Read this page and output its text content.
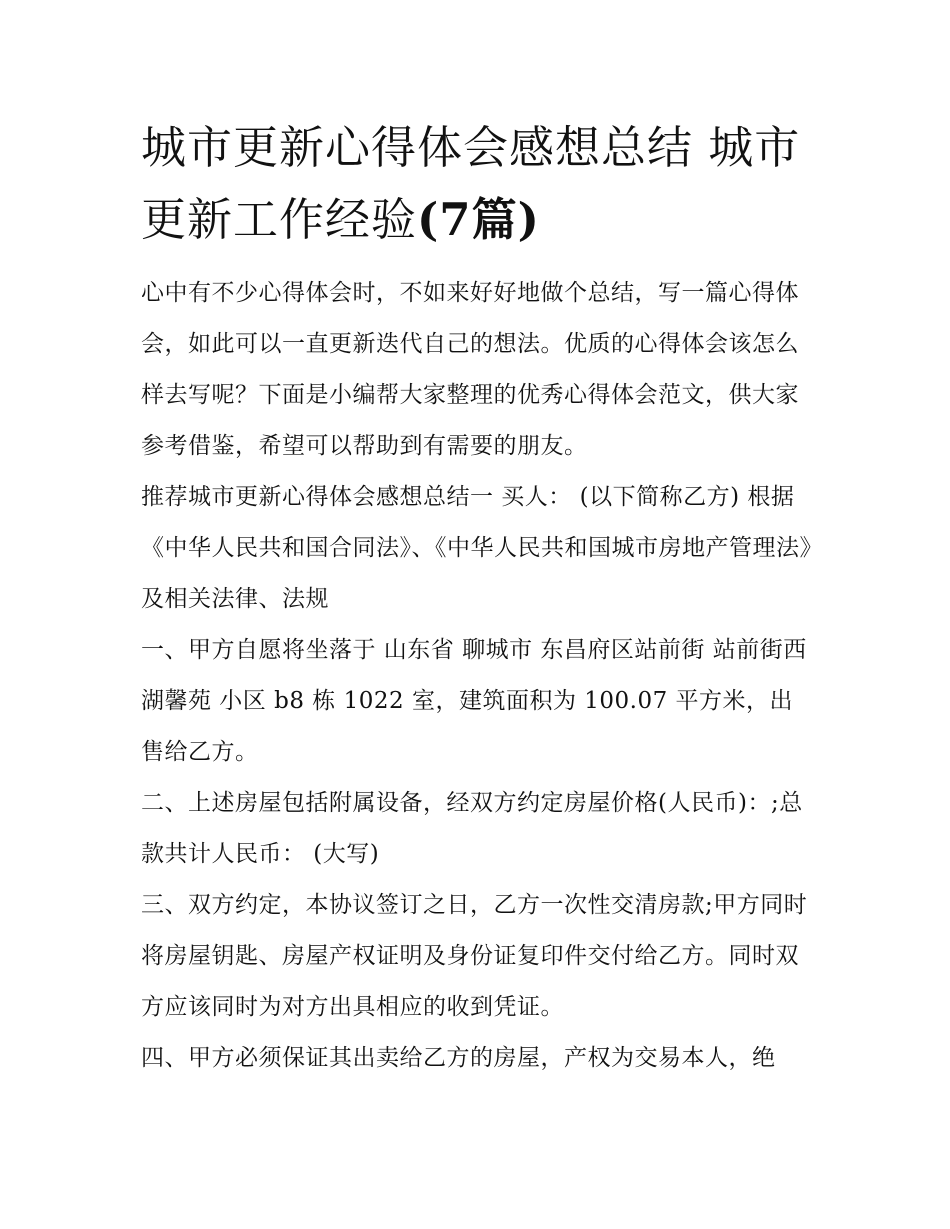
城市更新心得体会感想总结 城市更新工作经验(7篇)

心中有不少心得体会时，不如来好好地做个总结，写一篇心得体会，如此可以一直更新迭代自己的想法。优质的心得体会该怎么样去写呢？下面是小编帮大家整理的优秀心得体会范文，供大家参考借鉴，希望可以帮助到有需要的朋友。

推荐城市更新心得体会感想总结一 买人： (以下简称乙方) 根据《中华人民共和国合同法》、《中华人民共和国城市房地产管理法》及相关法律、法规

一、甲方自愿将坐落于 山东省 聊城市 东昌府区站前街 站前街西湖馨苑 小区 b8 栋 1022 室，建筑面积为 100.07 平方米，出售给乙方。

二、上述房屋包括附属设备，经双方约定房屋价格(人民币)：;总款共计人民币： (大写)

三、双方约定，本协议签订之日，乙方一次性交清房款;甲方同时将房屋钥匙、房屋产权证明及身份证复印件交付给乙方。同时双方应该同时为对方出具相应的收到凭证。

四、甲方必须保证其出卖给乙方的房屋，产权为交易本人，绝
